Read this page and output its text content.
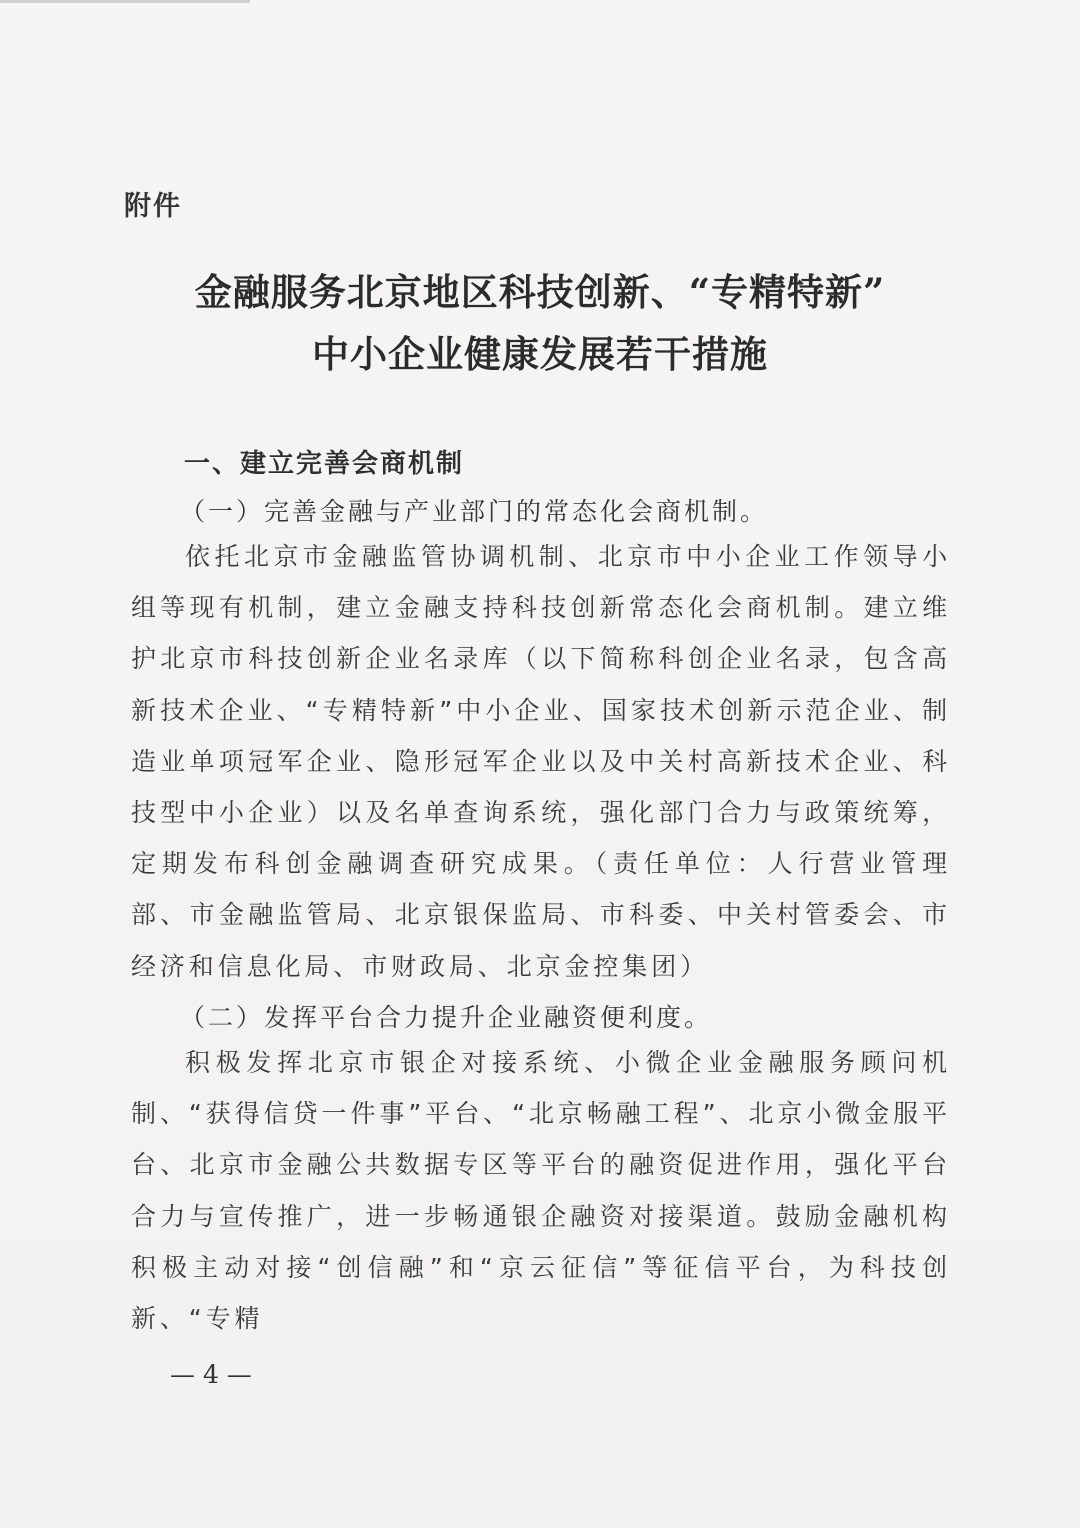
附件
金融服务北京地区科技创新、“专精特新”
中小企业健康发展若干措施
一、建立完善会商机制
（一）完善金融与产业部门的常态化会商机制。

依托北京市金融监管协调机制、北京市中小企业工作领导小组等现有机制，建立金融支持科技创新常态化会商机制。建立维护北京市科技创新企业名录库（以下简称科创企业名录，包含高新技术企业、“专精特新”中小企业、国家技术创新示范企业、制造业单项冠军企业、隐形冠军企业以及中关村高新技术企业、科技型中小企业）以及名单查询系统，强化部门合力与政策统筹，定期发布科创金融调查研究成果。（责任单位：人行营业管理部、市金融监管局、北京银保监局、市科委、中关村管委会、市经济和信息化局、市财政局、北京金控集团）

（二）发挥平台合力提升企业融资便利度。

积极发挥北京市银企对接系统、小微企业金融服务顾问机制、“获得信贷一件事”平台、“北京畅融工程”、北京小微金服平台、北京市金融公共数据专区等平台的融资促进作用，强化平台合力与宣传推广，进一步畅通银企融资对接渠道。鼓励金融机构积极主动对接“创信融”和“京云征信”等征信平台，为科技创新、“专精

— 4 —
